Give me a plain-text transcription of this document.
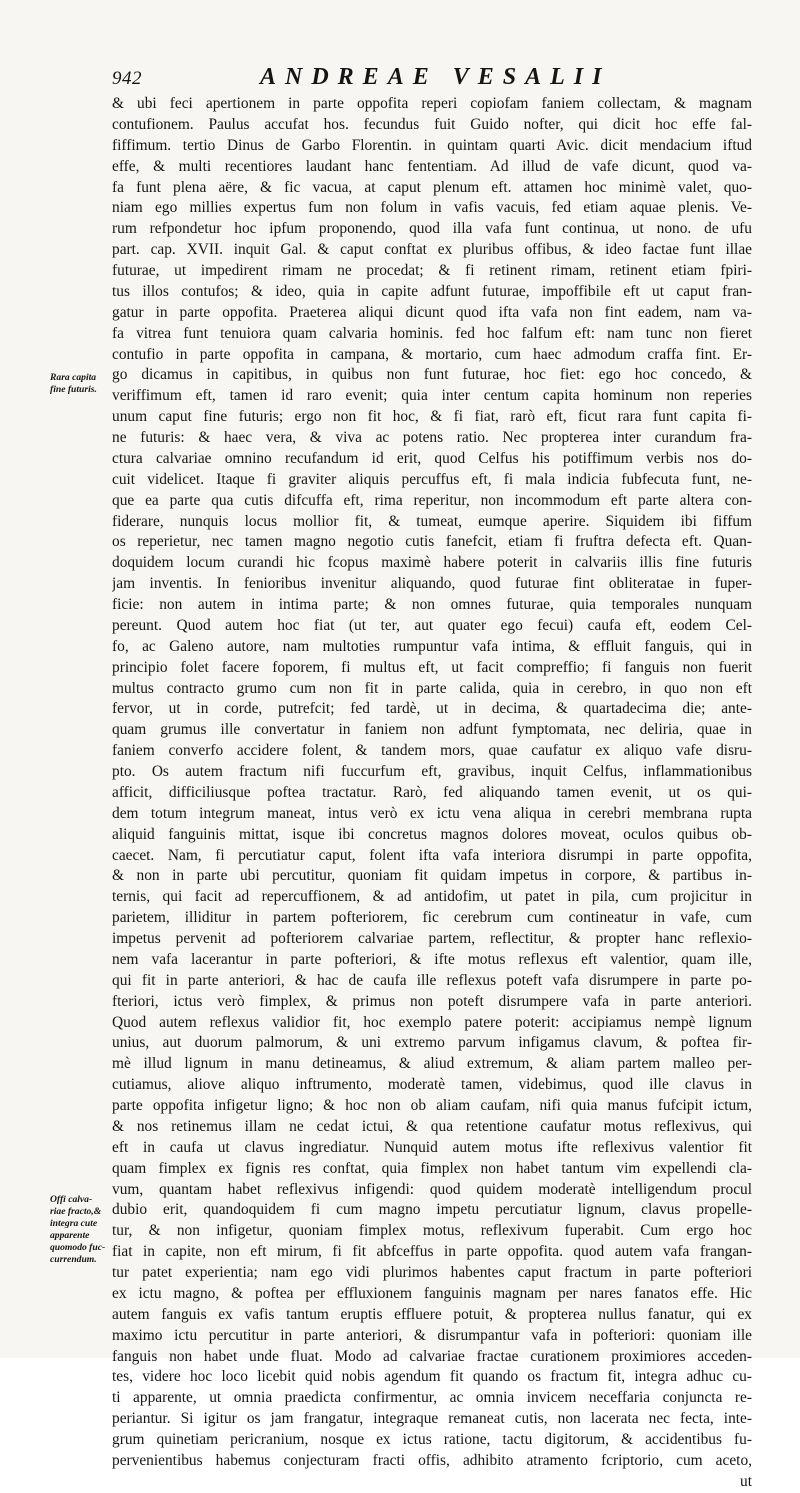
942	ANDREAE VESALII
Rara capita
fine futuris.
Offi calva-
riae fracto,&
integra cute
apparente
quomodo fuc-
currendum.
& ubi feci apertionem in parte oppofita reperi copiofam faniem collectam, & magnam
contufionem. Paulus accufat hos. fecundus fuit Guido nofter, qui dicit hoc effe fal-
fiffimum. tertio Dinus de Garbo Florentin. in quintam quarti Avic. dicit mendacium iftud
effe, & multi recentiores laudant hanc fententiam. Ad illud de vafe dicunt, quod va-
fa funt plena aëre, & fic vacua, at caput plenum eft. attamen hoc minimè valet, quo-
niam ego millies expertus fum non folum in vafis vacuis, fed etiam aquae plenis. Ve-
rum refpondetur hoc ipfum proponendo, quod illa vafa funt continua, ut nono. de ufu
part. cap. XVII. inquit Gal. & caput conftat ex pluribus offibus, & ideo factae funt illae
futurae, ut impedirent rimam ne procedat; & fi retinent rimam, retinent etiam fpiri-
tus illos contufos; & ideo, quia in capite adfunt futurae, impoffibile eft ut caput fran-
gatur in parte oppofita. Praeterea aliqui dicunt quod ifta vafa non fint eadem, nam va-
fa vitrea funt tenuiora quam calvaria hominis. fed hoc falfum eft: nam tunc non fieret
contufio in parte oppofita in campana, & mortario, cum haec admodum craffa fint. Er-
go dicamus in capitibus, in quibus non funt futurae, hoc fiet: ego hoc concedo, &
veriffimum eft, tamen id raro evenit; quia inter centum capita hominum non reperies
unum caput fine futuris; ergo non fit hoc, & fi fiat, rarò eft, ficut rara funt capita fi-
ne futuris: & haec vera, & viva ac potens ratio. Nec propterea inter curandum fra-
ctura calvariae omnino recufandum id erit, quod Celfus his potiffimum verbis nos do-
cuit videlicet. Itaque fi graviter aliquis percuffus eft, fi mala indicia fubfecuta funt, ne-
que ea parte qua cutis difcuffa eft, rima reperitur, non incommodum eft parte altera con-
fiderare, nunquis locus mollior fit, & tumeat, eumque aperire. Siquidem ibi fiffum
os reperietur, nec tamen magno negotio cutis fanefcit, etiam fi fruftra defecta eft. Quan-
doquidem locum curandi hic fcopus maximè habere poterit in calvariis illis fine futuris
jam inventis. In fenioribus invenitur aliquando, quod futurae fint obliteratae in fuper-
ficie: non autem in intima parte; & non omnes futurae, quia temporales nunquam
pereunt. Quod autem hoc fiat (ut ter, aut quater ego fecui) caufa eft, eodem Cel-
fo, ac Galeno autore, nam multoties rumpuntur vafa intima, & effluit fanguis, qui in
principio folet facere foporem, fi multus eft, ut facit compreffio; fi fanguis non fuerit
multus contracto grumo cum non fit in parte calida, quia in cerebro, in quo non eft
fervor, ut in corde, putrefcit; fed tardè, ut in decima, & quartadecima die; ante-
quam grumus ille convertatur in faniem non adfunt fymptomata, nec deliria, quae in
faniem converfo accidere folent, & tandem mors, quae caufatur ex aliquo vafe disru-
pto. Os autem fractum nifi fuccurfum eft, gravibus, inquit Celfus, inflammationibus
afficit, difficiliusque poftea tractatur. Rarò, fed aliquando tamen evenit, ut os qui-
dem totum integrum maneat, intus verò ex ictu vena aliqua in cerebri membrana rupta
aliquid fanguinis mittat, isque ibi concretus magnos dolores moveat, oculos quibus ob-
caecet. Nam, fi percutiatur caput, folent ifta vafa interiora disrumpi in parte oppofita,
& non in parte ubi percutitur, quoniam fit quidam impetus in corpore, & partibus in-
ternis, qui facit ad repercuffionem, & ad antidofim, ut patet in pila, cum projicitur in
parietem, illiditur in partem pofteriorem, fic cerebrum cum contineatur in vafe, cum
impetus pervenit ad pofteriorem calvariae partem, reflectitur, & propter hanc reflexio-
nem vafa lacerantur in parte pofteriori, & ifte motus reflexus eft valentior, quam ille,
qui fit in parte anteriori, & hac de caufa ille reflexus poteft vafa disrumpere in parte po-
fteriori, ictus verò fimplex, & primus non poteft disrumpere vafa in parte anteriori.
Quod autem reflexus validior fit, hoc exemplo patere poterit: accipiamus nempè lignum
unius, aut duorum palmorum, & uni extremo parvum infigamus clavum, & poftea fir-
mè illud lignum in manu detineamus, & aliud extremum, & aliam partem malleo per-
cutiamus, aliove aliquo inftrumento, moderatè tamen, videbimus, quod ille clavus in
parte oppofita infigetur ligno; & hoc non ob aliam caufam, nifi quia manus fufcipit ictum,
& nos retinemus illam ne cedat ictui, & qua retentione caufatur motus reflexivus, qui
eft in caufa ut clavus ingrediatur. Nunquid autem motus ifte reflexivus valentior fit
quam fimplex ex fignis res conftat, quia fimplex non habet tantum vim expellendi cla-
vum, quantam habet reflexivus infigendi: quod quidem moderatè intelligendum procul
dubio erit, quandoquidem fi cum magno impetu percutiatur lignum, clavus propelle-
tur, & non infigetur, quoniam fimplex motus, reflexivum fuperabit. Cum ergo hoc
fiat in capite, non eft mirum, fi fit abfceffus in parte oppofita. quod autem vafa frangan-
tur patet experientia; nam ego vidi plurimos habentes caput fractum in parte pofteriori
ex ictu magno, & poftea per effluxionem fanguinis magnam per nares fanatos effe. Hic
autem fanguis ex vafis tantum eruptis effluere potuit, & propterea nullus fanatur, qui ex
maximo ictu percutitur in parte anteriori, & disrumpantur vafa in pofteriori: quoniam ille
fanguis non habet unde fluat. Modo ad calvariae fractae curationem proximiores acceden-
tes, videre hoc loco licebit quid nobis agendum fit quando os fractum fit, integra adhuc cu-
ti apparente, ut omnia praedicta confirmentur, ac omnia invicem neceffaria conjuncta re-
periantur. Si igitur os jam frangatur, integraque remaneat cutis, non lacerata nec fecta, inte-
grum quinetiam pericranium, nosque ex ictus ratione, tactu digitorum, & accidentibus fu-
pervenientibus habemus conjecturam fracti offis, adhibito atramento fcriptorio, cum aceto,
ut
